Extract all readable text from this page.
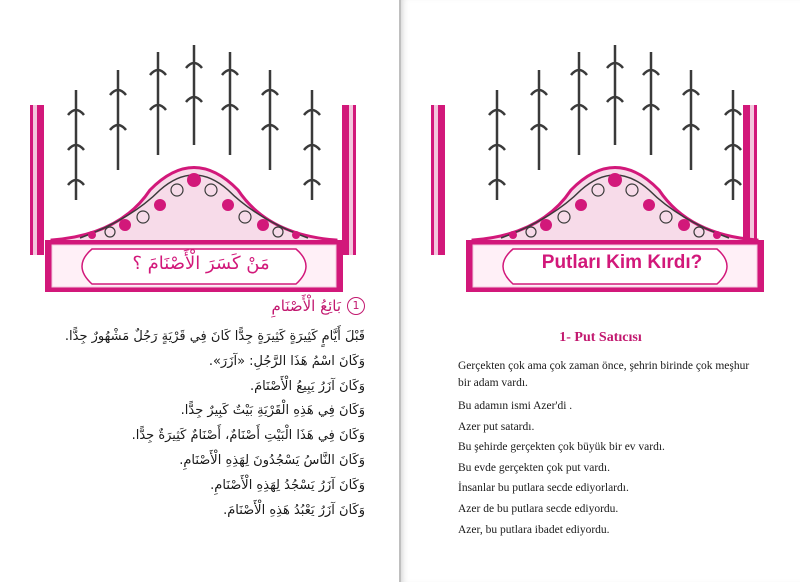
مَنْ كَسَرَ الْأَصْنَامَ ؟
1
بَائِعُ الْأَصْنَامِ
قَبْلَ أَيَّامٍ كَثِيرَةٍ كَثِيرَةٍ جِدًّا كَانَ فِي قَرْيَةٍ رَجُلٌ مَشْهُورٌ جِدًّا.
وَكَانَ اسْمُ هَذَا الرَّجُلِ: «آزَرَ».
وَكَانَ آزَرُ يَبِيعُ الْأَصْنَامَ.
وَكَانَ فِي هَذِهِ الْقَرْيَةِ بَيْتٌ كَبِيرٌ جِدًّا.
وَكَانَ فِي هَذَا الْبَيْتِ أَصْنَامٌ، أَصْنَامٌ كَثِيرَةٌ جِدًّا.
وَكَانَ النَّاسُ يَسْجُدُونَ لِهَذِهِ الْأَصْنَامِ.
وَكَانَ آزَرُ يَسْجُدُ لِهَذِهِ الْأَصْنَامِ.
وَكَانَ آزَرُ يَعْبُدُ هَذِهِ الْأَصْنَامَ.
Putları Kim Kırdı?
1- Put Satıcısı
Gerçekten çok ama çok zaman önce, şehrin birinde çok meşhur bir adam vardı.
Bu adamın ismi Azer'di .
Azer put satardı.
Bu şehirde gerçekten çok büyük bir ev vardı.
Bu evde gerçekten çok put vardı.
İnsanlar bu putlara secde ediyorlardı.
Azer de bu putlara secde ediyordu.
Azer, bu putlara ibadet ediyordu.
